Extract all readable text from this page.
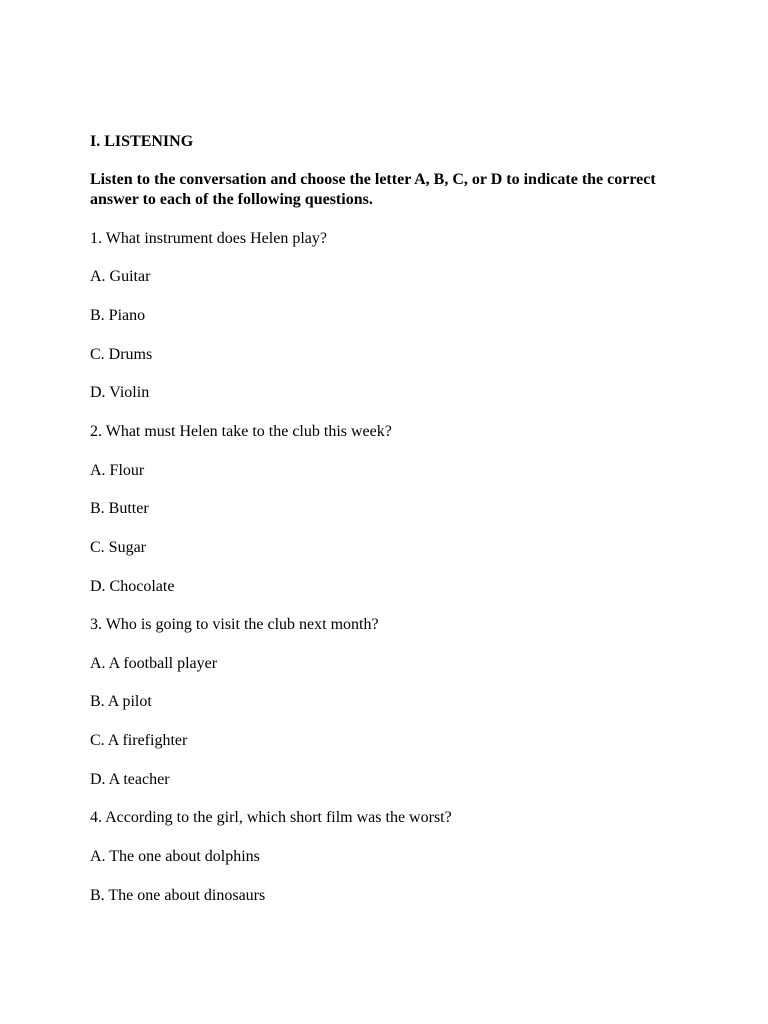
I. LISTENING
Listen to the conversation and choose the letter A, B, C, or D to indicate the correct answer to each of the following questions.
1. What instrument does Helen play?
A. Guitar
B. Piano
C. Drums
D. Violin
2. What must Helen take to the club this week?
A. Flour
B. Butter
C. Sugar
D. Chocolate
3. Who is going to visit the club next month?
A. A football player
B. A pilot
C. A firefighter
D. A teacher
4. According to the girl, which short film was the worst?
A. The one about dolphins
B. The one about dinosaurs
